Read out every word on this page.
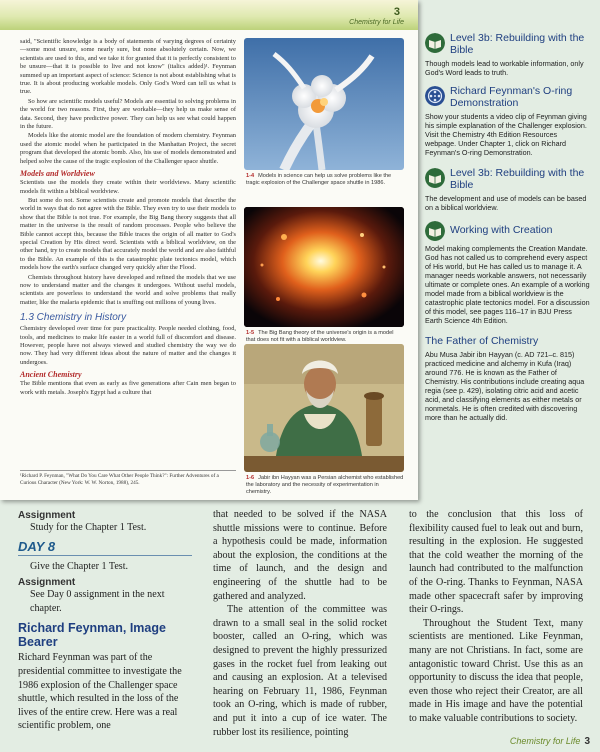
3
Chemistry for Life

said, "Scientific knowledge is a body of statements of varying degrees of certainty—some most unsure, some nearly sure, but none absolutely certain. Now, we scientists are used to this, and we take it for granted that it is perfectly consistent to be unsure—that it is possible to live and not know" (italics added)¹. Feynman summed up an important aspect of science: Science is not about establishing what is true. It is about producing workable models. Only God's Word can tell us what is true.

So how are scientific models useful? Models are essential to solving problems in the world for two reasons. First, they are workable—they help us make sense of data. Second, they have predictive power. They can help us see what could happen in the future.

Models like the atomic model are the foundation of modern chemistry. Feynman used the atomic model when he participated in the Manhattan Project, the secret program that developed the atomic bomb. Also, his use of models demonstrated and helped solve the cause of the tragic explosion of the Challenger space shuttle.

Models and Worldview

Scientists use the models they create within their worldviews. Many scientific models fit within a biblical worldview.

But some do not. Some scientists create and promote models that describe the world in ways that do not agree with the Bible. They even try to use their models to show that the Bible is not true. For example, the Big Bang theory suggests that all matter in the universe is the result of random processes. People who believe the Bible cannot accept this, because the Bible traces the origin of all matter to God's special Creation by His direct word. Scientists with a biblical worldview, on the other hand, try to create models that accurately model the world and are also faithful to the Bible. An example of this is the catastrophic plate tectonics model, which models how the earth's surface changed very quickly after the Flood.

Chemists throughout history have developed and refined the models that we use now to understand matter and the changes it undergoes. Without useful models, scientists are powerless to understand the world and solve problems that really matter, like the malaria epidemic that is snuffing out millions of young lives.

1.3 Chemistry in History

Chemistry developed over time for pure practicality. People needed clothing, food, tools, and medicines to make life easier in a world full of discomfort and disease. However, people have not always viewed and studied chemistry the way we do now. They had very different ideas about the nature of matter and the changes it undergoes.

Ancient Chemistry

The Bible mentions that even as early as five generations after Cain men began to work with metals. Joseph's Egypt had a culture that

¹Richard P. Feynman, "What Do You Care What Other People Think?": Further Adventures of a Curious Character (New York: W. W. Norton, 1988), 245.
1-4 Models in science can help us solve problems like the tragic explosion of the Challenger space shuttle in 1986.
1-5 The Big Bang theory of the universe's origin is a model that does not fit with a biblical worldview.
1-6 Jabir ibn Hayyan was a Persian alchemist who established the laboratory and the necessity of experimentation in chemistry.
Level 3b: Rebuilding with the Bible
Though models lead to workable information, only God's Word leads to truth.
Richard Feynman's O-ring Demonstration
Show your students a video clip of Feynman giving his simple explanation of the Challenger explosion. Visit the Chemistry 4th Edition Resources webpage. Under Chapter 1, click on Richard Feynman's O-ring Demonstration.
Level 3b: Rebuilding with the Bible
The development and use of models can be based on a biblical worldview.
Working with Creation
Model making complements the Creation Mandate. God has not called us to comprehend every aspect of His world, but He has called us to manage it. A manager needs workable answers, not necessarily ultimate or complete ones. An example of a working model made from a biblical worldview is the catastrophic plate tectonics model. For a discussion of this model, see pages 116–17 in BJU Press Earth Science 4th Edition.
The Father of Chemistry
Abu Musa Jabir ibn Hayyan (c. AD 721–c. 815) practiced medicine and alchemy in Kufa (Iraq) around 776. He is known as the Father of Chemistry. His contributions include creating aqua regia (see p. 429), isolating citric acid and acetic acid, and classifying elements as either metals or nonmetals. He is often credited with discovering more than he actually did.
Assignment
Study for the Chapter 1 Test.
DAY 8
Give the Chapter 1 Test.
Assignment
See Day 0 assignment in the next chapter.
Richard Feynman, Image Bearer
Richard Feynman was part of the presidential committee to investigate the 1986 explosion of the Challenger space shuttle, which resulted in the loss of the lives of the entire crew. Here was a real scientific problem, one
that needed to be solved if the NASA shuttle missions were to continue. Before a hypothesis could be made, information about the explosion, the conditions at the time of launch, and the design and engineering of the shuttle had to be gathered and analyzed.
The attention of the committee was drawn to a small seal in the solid rocket booster, called an O-ring, which was designed to prevent the highly pressurized gases in the rocket fuel from leaking out and causing an explosion. At a televised hearing on February 11, 1986, Feynman took an O-ring, which is made of rubber, and put it into a cup of ice water. The rubber lost its resilience, pointing
to the conclusion that this loss of flexibility caused fuel to leak out and burn, resulting in the explosion. He suggested that the cold weather the morning of the launch had contributed to the malfunction of the O-ring. Thanks to Feynman, NASA made other spacecraft safer by improving their O-rings.
Throughout the Student Text, many scientists are mentioned. Like Feynman, many are not Christians. In fact, some are antagonistic toward Christ. Use this as an opportunity to discuss the idea that people, even those who reject their Creator, are all made in His image and have the potential to make valuable contributions to society.
Chemistry for Life 3
